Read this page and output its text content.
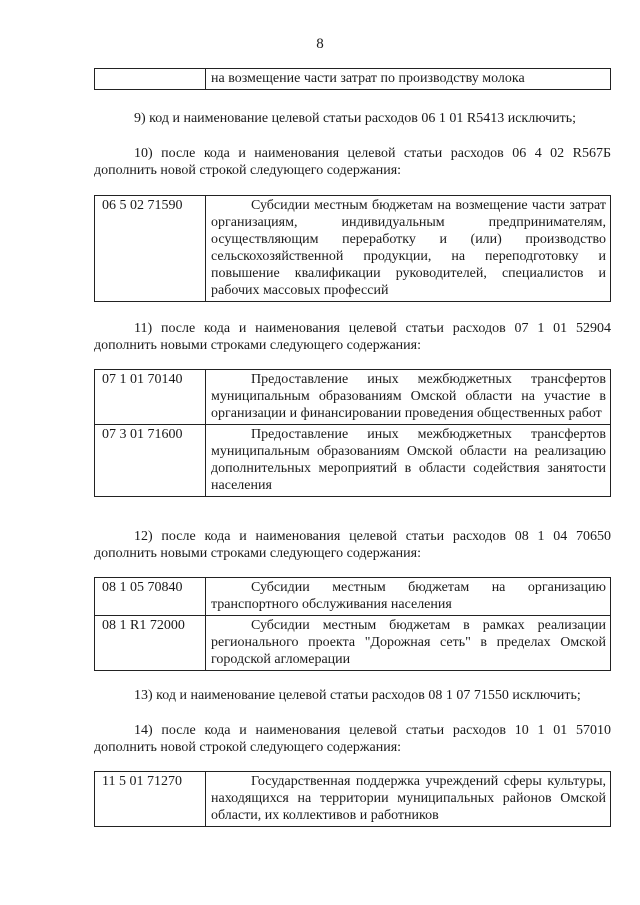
8
	на возмещение части затрат по производству молока
9) код и наименование целевой статьи расходов 06 1 01 R5413 исключить;
10) после кода и наименования целевой статьи расходов 06 4 02 R567Б дополнить новой строкой следующего содержания:
06 5 02 71590	Субсидии местным бюджетам на возмещение части затрат организациям, индивидуальным предпринимателям, осуществляющим переработку и (или) производство сельскохозяйственной продукции, на переподготовку и повышение квалификации руководителей, специалистов и рабочих массовых профессий
11) после кода и наименования целевой статьи расходов 07 1 01 52904 дополнить новыми строками следующего содержания:
07 1 01 70140	Предоставление иных межбюджетных трансфертов муниципальным образованиям Омской области на участие в организации и финансировании проведения общественных работ
07 3 01 71600	Предоставление иных межбюджетных трансфертов муниципальным образованиям Омской области на реализацию дополнительных мероприятий в области содействия занятости населения
12) после кода и наименования целевой статьи расходов 08 1 04 70650 дополнить новыми строками следующего содержания:
08 1 05 70840	Субсидии местным бюджетам на организацию транспортного обслуживания населения
08 1 R1 72000	Субсидии местным бюджетам в рамках реализации регионального проекта "Дорожная сеть" в пределах Омской городской агломерации
13) код и наименование целевой статьи расходов 08 1 07 71550 исключить;
14) после кода и наименования целевой статьи расходов 10 1 01 57010 дополнить новой строкой следующего содержания:
11 5 01 71270	Государственная поддержка учреждений сферы культуры, находящихся на территории муниципальных районов Омской области, их коллективов и работников
